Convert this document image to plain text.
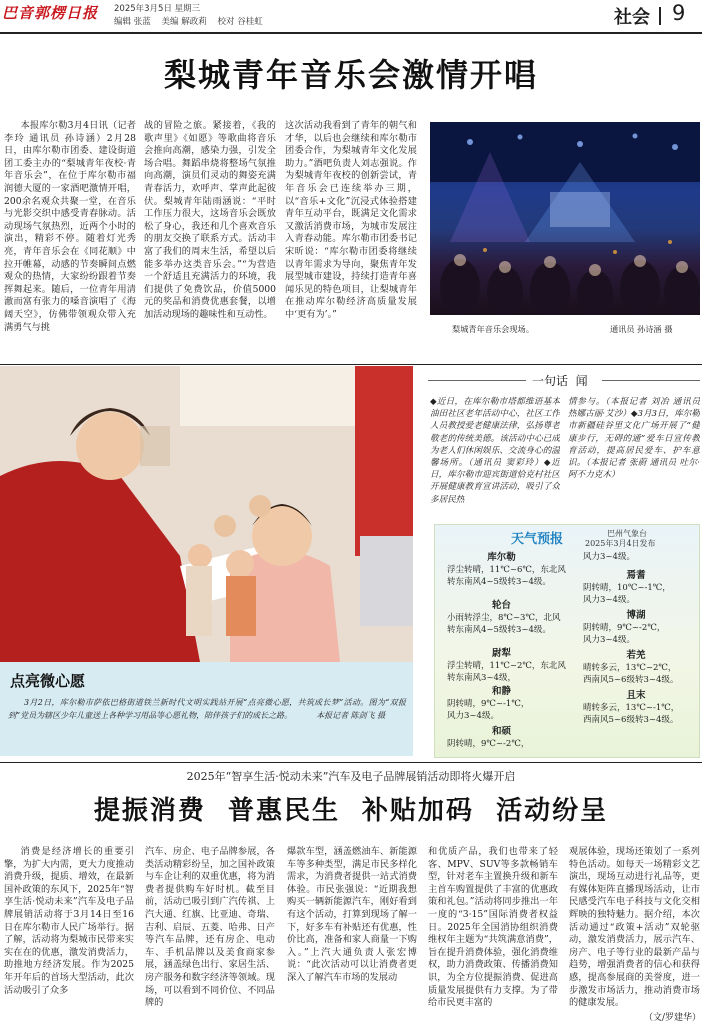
巴音郭楞日报 2025年3月5日 星期三
编辑 张蓝    美编 解政莉    校对 谷桂虹	社会 9
梨城青年音乐会激情开唱

本报库尔勒3月4日讯（记者 李玲 通讯员 孙诗涵）2月28日，由库尔勒市团委、建设街道团工委主办的“梨城青年夜校·青年音乐会”，在位于库尔勒市福润德大厦的一家酒吧激情开唱，200余名观众共聚一堂，在音乐与光影交织中感受青春脉动。活动现场气氛热烈，近两个小时的演出，精彩不停。随着灯光秀亮，青年音乐会在《同花顺》中拉开帷幕，动感的节奏瞬间点燃观众的热情，大家纷纷跟着节奏挥舞起来。随后，一位青年用清澈而富有张力的嗓音演唱了《海阔天空》，仿佛带领观众带入充满勇气与挑

战的冒险之旅。紧接着，《我的歌声里》《如愿》等歌曲将音乐会推向高潮，感染力强，引发全场合唱。舞蹈串烧将整场气氛推向高潮，演员们灵动的舞姿充满青春活力，欢呼声、掌声此起彼伏。梨城青年陆雨涵说：“平时工作压力很大，这场音乐会既放松了身心，我还和几个喜欢音乐的朋友交换了联系方式。活动丰富了我们的周末生活，希望以后能多举办这类音乐会。”“为营造一个舒适且充满活力的环境，我们提供了免费饮品，价值5000元的奖品和消费优惠套餐，以增加活动现场的趣味性和互动性。

这次活动我看到了青年的朝气和才华，以后也会继续和库尔勒市团委合作，为梨城青年文化发展助力。”酒吧负责人刘志强说。作为梨城青年夜校的创新尝试，青年音乐会已连续举办三期，以“音乐+文化”沉浸式体验搭建青年互动平台，既满足文化需求又激活消费市场，为城市发展注入青春动能。库尔勒市团委书记宋昕说：“库尔勒市团委将继续以青年需求为导向，聚焦青年发展型城市建设，持续打造青年喜闻乐见的特色项目，让梨城青年在推动库尔勒经济高质量发展中‘更有为’。”

梨城青年音乐会现场。	通讯员 孙诗涵 摄
点亮微心愿
3月2日，库尔勒市萨依巴格街道铁兰新时代文明实践站开展“点亮微心愿，共筑成长梦”活动。图为“双报到”党员为辖区少年儿童送上各种学习用品等心愿礼物，陪伴孩子们的成长之路。	本报记者 陈剑飞 摄
一句话  闻

◆近日，在库尔勒市塔都维语基本油田社区老年活动中心，社区工作人员教授爱老健康法律，弘扬尊老敬老的传统美德。该活动中心已成为老人们休闲娱乐、交流身心的温馨场所。（通讯员 窦彩玲）◆近日，库尔勒市迎宾街道恰克村社区开展健康教育宣讲活动，吸引了众多居民热

情参与。（本报记者 刘冶 通讯员 热娜古丽·艾沙）◆3月3日，库尔勒市新疆硅谷里文化广场开展了“健康步行，无碍的通”爱车日宣传教育活动，提高居民爱车、护车意识。（本报记者 张蔚 通讯员 吐尔·阿不力克木）

天气预报	巴州气象台
2025年3月4日发布
库尔勒
浮尘转晴，11℃~6℃，东北风转东南风4~5级转3~4级。
轮台
小雨转浮尘，8℃~3℃，北风转东南风4~5级转3~4级。
尉犁
浮尘转晴，11℃~2℃，东北风转东南风3~4级，
和静
阴转晴，9℃~-1℃，
风力3~4级。
和硕
阴转晴，9℃~-2℃，
风力3~4级。
焉耆
阴转晴，10℃~-1℃，
风力3~4级。
博湖
阴转晴，9℃~-2℃，
风力3~4级。
若羌
晴转多云，13℃~2℃，
西南风5~6级转3~4级。
且末
晴转多云，13℃~-1℃，
西南风5~6级转3~4级。
2025年“智享生活·悦动未来”汽车及电子品牌展销活动即将火爆开启
提振消费  普惠民生  补贴加码  活动纷呈

消费是经济增长的重要引擎，为扩大内需，更大力度推动消费升级，提质、增效，在最新国补政策的东风下，2025年“智享生活·悦动未来”汽车及电子品牌展销活动将于3月14日至16日在库尔勒市人民广场举行。据了解，活动将为梨城市民带来实实在在的优惠，激发消费活力，助推地方经济发展。作为2025年开年后的首场大型活动，此次活动吸引了众多

汽车、房企、电子品牌参展，各类活动精彩纷呈，加之国补政策与车企让利的双重优惠，将为消费者提供购车好时机。截至目前，活动已吸引到广汽传祺、上汽大通、红旗、比亚迪、奇瑞、吉利、启辰、五菱、哈弗、日产等汽车品牌，还有房企、电动车、手机品牌以及美食商家参展，涵盖绿色出行、家居生活、房产服务和数字经济等领域。现场，可以看到不同价位、不同品牌的

爆款车型，涵盖燃油车、新能源车等多种类型，满足市民多样化需求，为消费者提供一站式消费体验。市民张强说：“近期我想购买一辆新能源汽车，刚好看到有这个活动，打算到现场了解一下，好多车有补贴还有优惠，性价比高，准备和家人商量一下购入。”上汽大通负责人张宏博说：“此次活动可以让消费者更深入了解汽车市场的发展动

和优质产品，我们也带来了轻客、MPV、SUV等多款畅销车型，针对老车主置换升级和新车主首车购置提供了丰富的优惠政策和礼包。”活动将同步推出一年一度的“3·15”国际消费者权益日。2025年全国消协组织消费维权年主题为“共筑满意消费”，旨在提升消费体验，强化消费维权，助力消费政策、传播消费知识，为全方位提振消费、促进高质量发展提供有力支撑。为了带给市民更丰富的

观展体验，现场还策划了一系列特色活动。如每天一场精彩文艺演出，现场互动进行礼品等，更有媒体矩阵直播现场活动，让市民感受汽车电子科技与文化交相辉映的独特魅力。据介绍，本次活动通过“政策+活动”双轮驱动，激发消费活力，展示汽车、房产、电子等行业的最新产品与趋势，增强消费者的信心和获得感，提高参展商的美誉度，进一步激发市场活力，推动消费市场的健康发展。

（文/罗建华）
